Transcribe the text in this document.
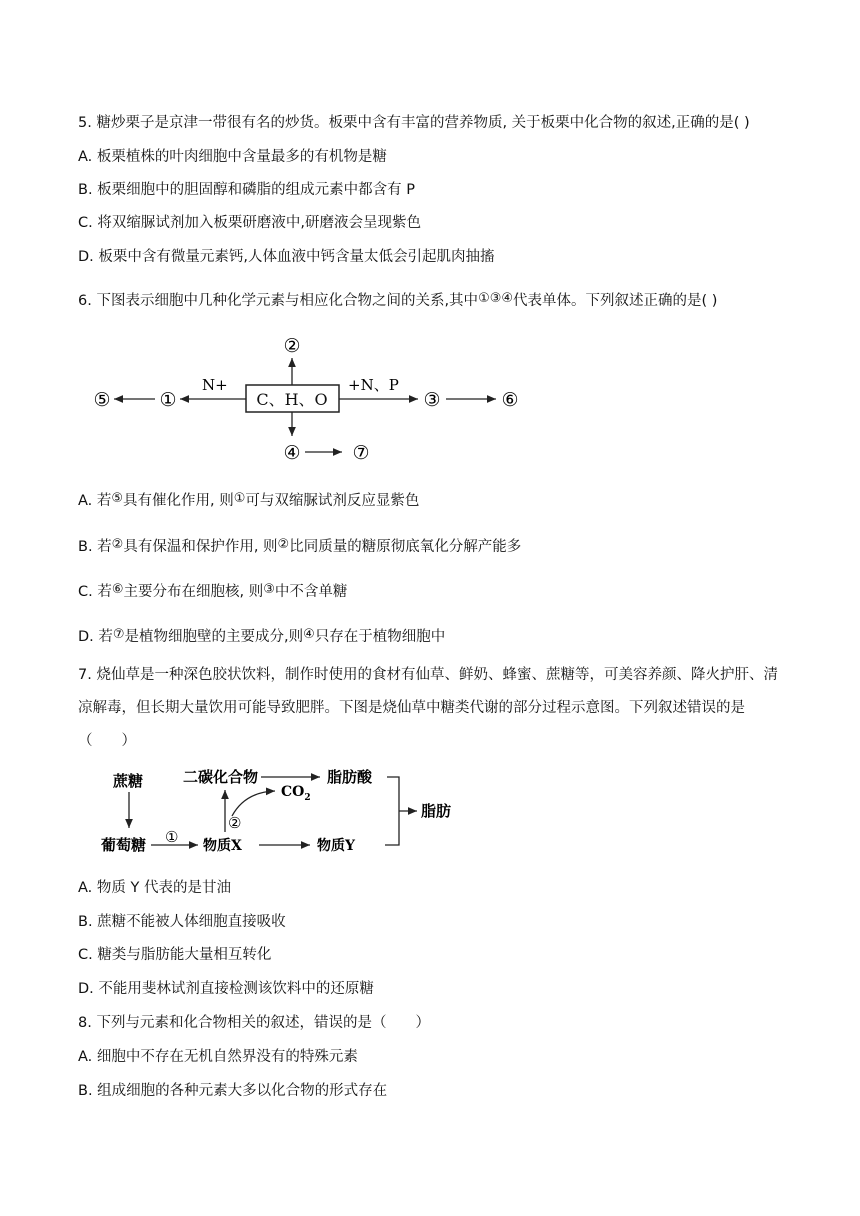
5. 糖炒栗子是京津一带很有名的炒货。板栗中含有丰富的营养物质, 关于板栗中化合物的叙述,正确的是( )
A. 板栗植株的叶肉细胞中含量最多的有机物是糖
B. 板栗细胞中的胆固醇和磷脂的组成元素中都含有 P
C. 将双缩脲试剂加入板栗研磨液中,研磨液会呈现紫色
D. 板栗中含有微量元素钙,人体血液中钙含量太低会引起肌肉抽搐
6. 下图表示细胞中几种化学元素与相应化合物之间的关系,其中①③④代表单体。下列叙述正确的是( )
C、H、O
②
④	⑦
N+
①
⑤
+N、P
③	⑥
A. 若⑤具有催化作用, 则①可与双缩脲试剂反应显紫色
B. 若②具有保温和保护作用, 则②比同质量的糖原彻底氧化分解产能多
C. 若⑥主要分布在细胞核, 则③中不含单糖
D. 若⑦是植物细胞壁的主要成分,则④只存在于植物细胞中
7. 烧仙草是一种深色胶状饮料，制作时使用的食材有仙草、鲜奶、蜂蜜、蔗糖等，可美容养颜、降火护肝、清凉解毒，但长期大量饮用可能导致肥胖。下图是烧仙草中糖类代谢的部分过程示意图。下列叙述错误的是（　　）
蔗糖
葡萄糖 ① 物质X	物质Y
②
$CO_2$
二碳化合物	脂肪酸
脂肪
A. 物质 Y 代表的是甘油
B. 蔗糖不能被人体细胞直接吸收
C. 糖类与脂肪能大量相互转化
D. 不能用斐林试剂直接检测该饮料中的还原糖
8. 下列与元素和化合物相关的叙述，错误的是（　　）
A. 细胞中不存在无机自然界没有的特殊元素
B. 组成细胞的各种元素大多以化合物的形式存在
